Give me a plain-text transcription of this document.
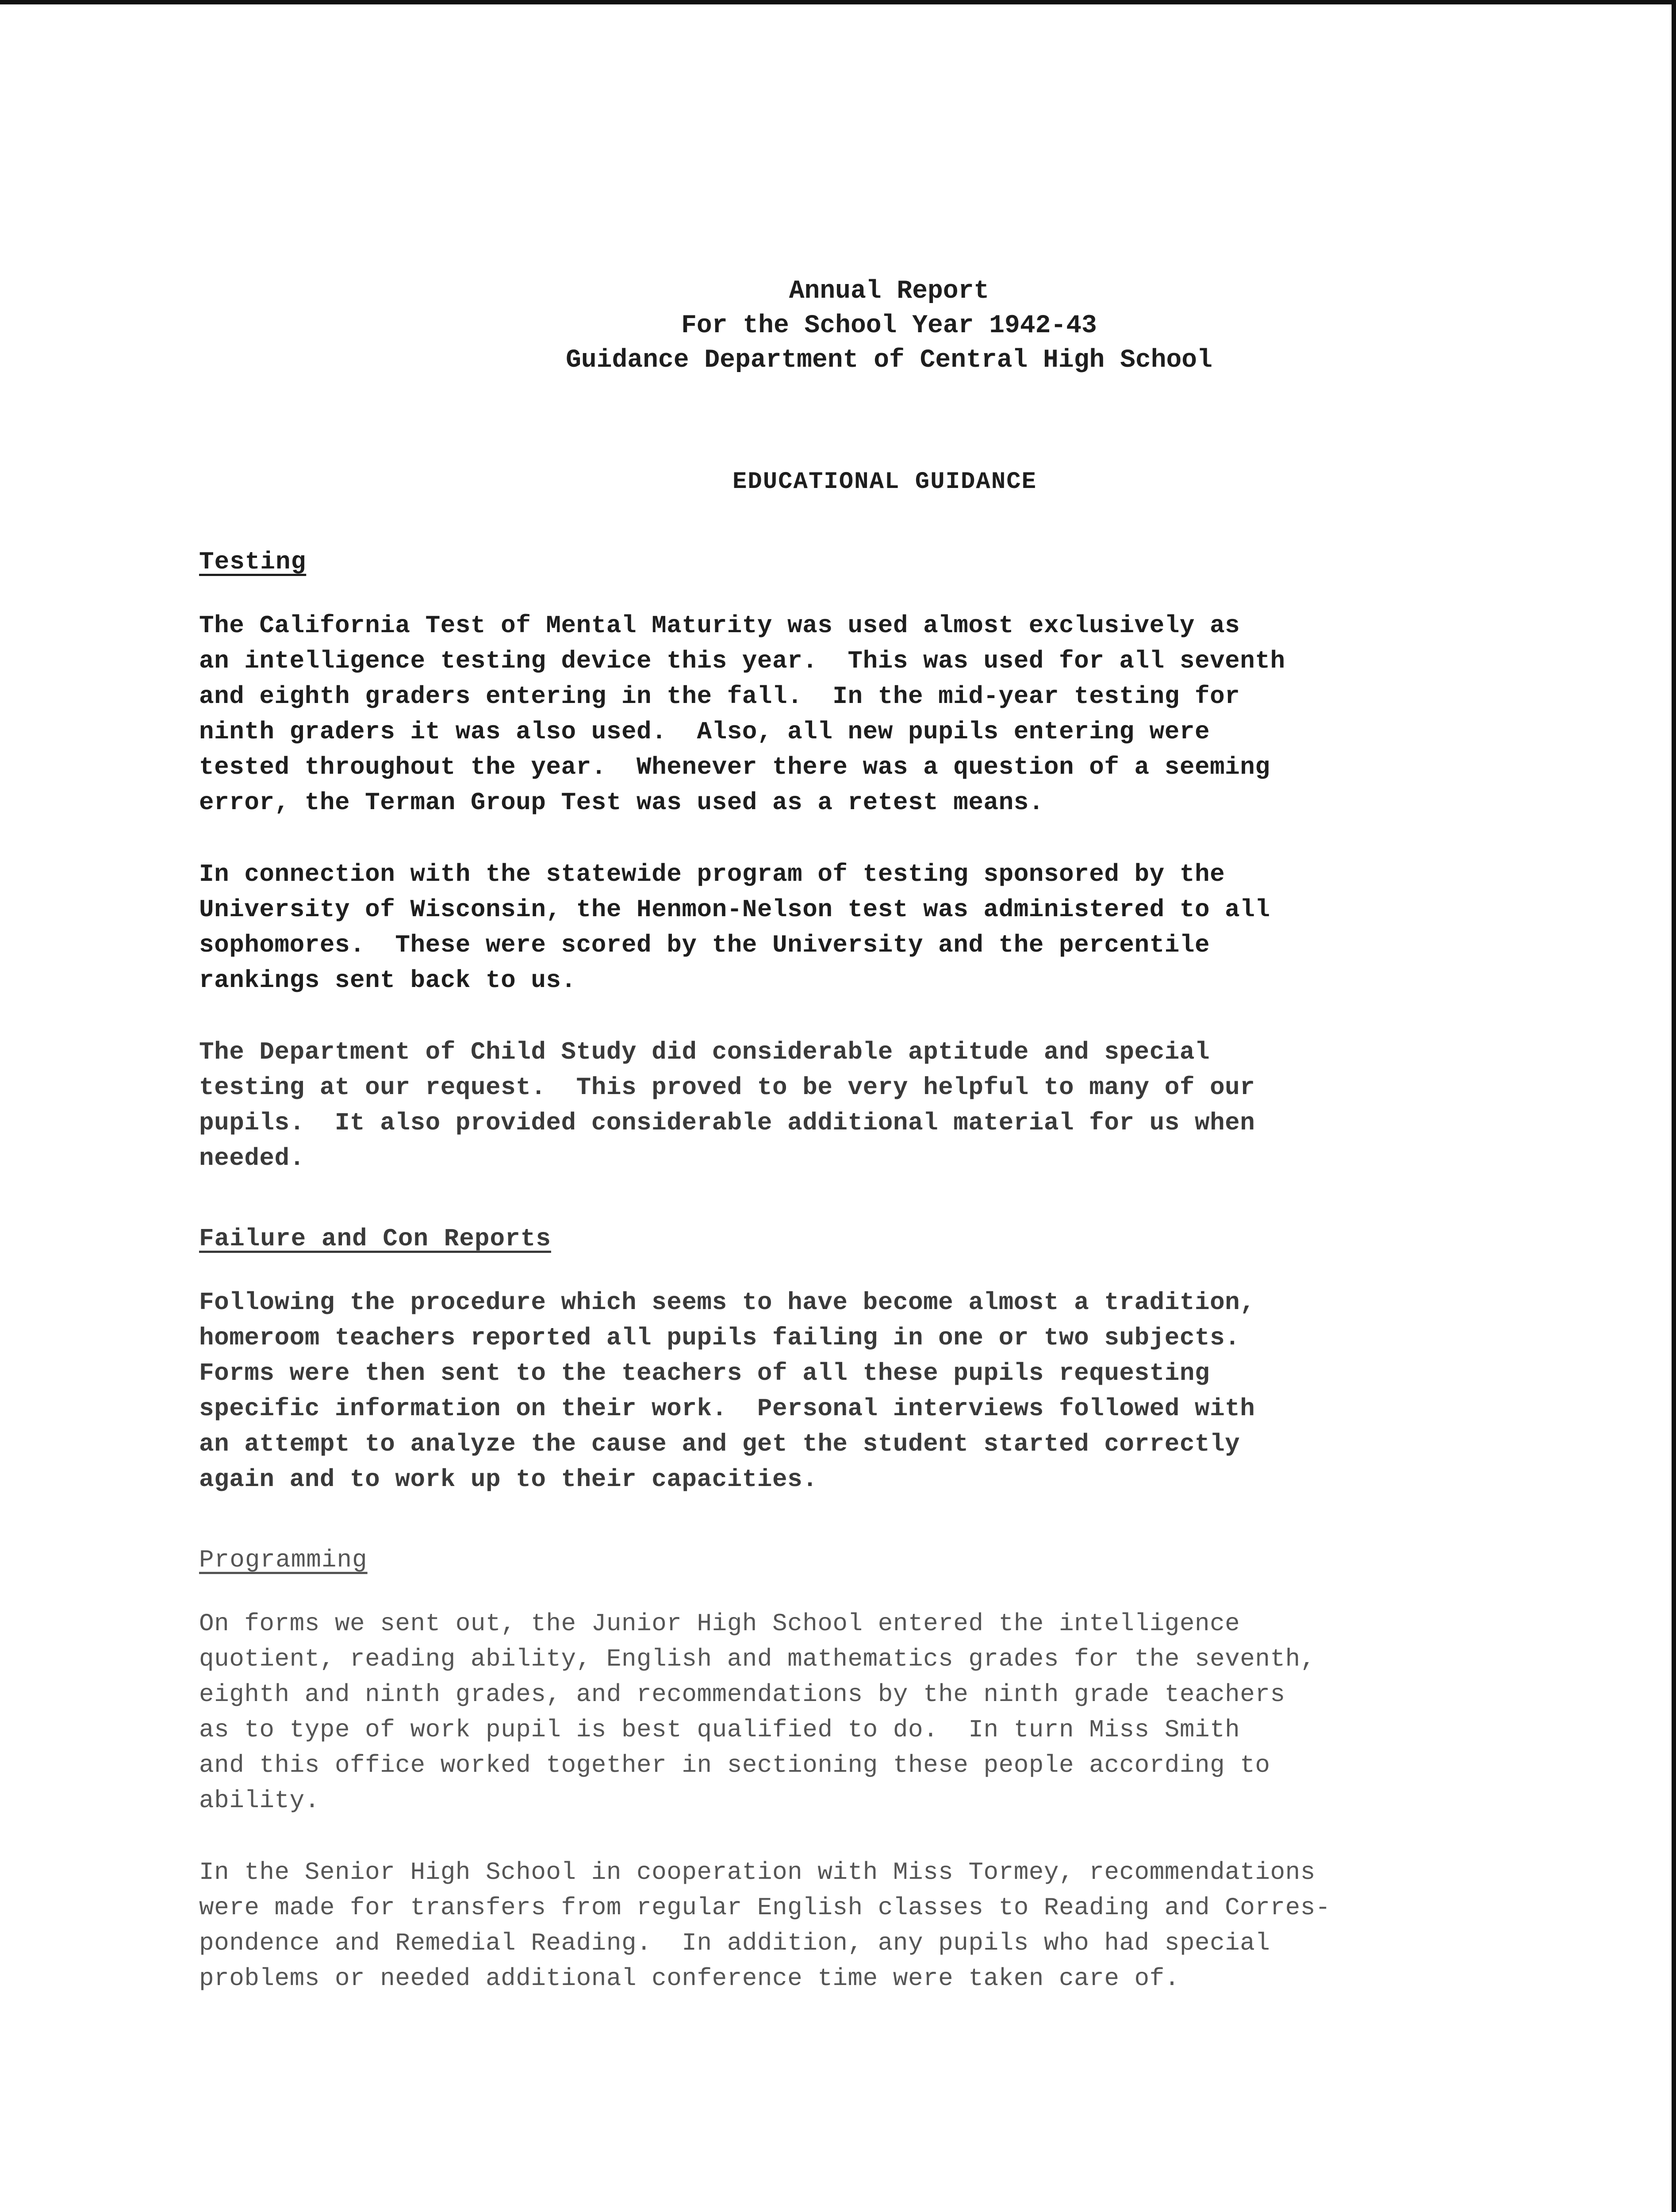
Annual Report
For the School Year 1942-43
Guidance Department of Central High School
EDUCATIONAL GUIDANCE
Testing
The California Test of Mental Maturity was used almost exclusively as
an intelligence testing device this year.  This was used for all seventh
and eighth graders entering in the fall.  In the mid-year testing for
ninth graders it was also used.  Also, all new pupils entering were
tested throughout the year.  Whenever there was a question of a seeming
error, the Terman Group Test was used as a retest means.
In connection with the statewide program of testing sponsored by the
University of Wisconsin, the Henmon-Nelson test was administered to all
sophomores.  These were scored by the University and the percentile
rankings sent back to us.
The Department of Child Study did considerable aptitude and special
testing at our request.  This proved to be very helpful to many of our
pupils.  It also provided considerable additional material for us when
needed.
Failure and Con Reports
Following the procedure which seems to have become almost a tradition,
homeroom teachers reported all pupils failing in one or two subjects.
Forms were then sent to the teachers of all these pupils requesting
specific information on their work.  Personal interviews followed with
an attempt to analyze the cause and get the student started correctly
again and to work up to their capacities.
Programming
On forms we sent out, the Junior High School entered the intelligence
quotient, reading ability, English and mathematics grades for the seventh,
eighth and ninth grades, and recommendations by the ninth grade teachers
as to type of work pupil is best qualified to do.  In turn Miss Smith
and this office worked together in sectioning these people according to
ability.
In the Senior High School in cooperation with Miss Tormey, recommendations
were made for transfers from regular English classes to Reading and Corres-
pondence and Remedial Reading.  In addition, any pupils who had special
problems or needed additional conference time were taken care of.
